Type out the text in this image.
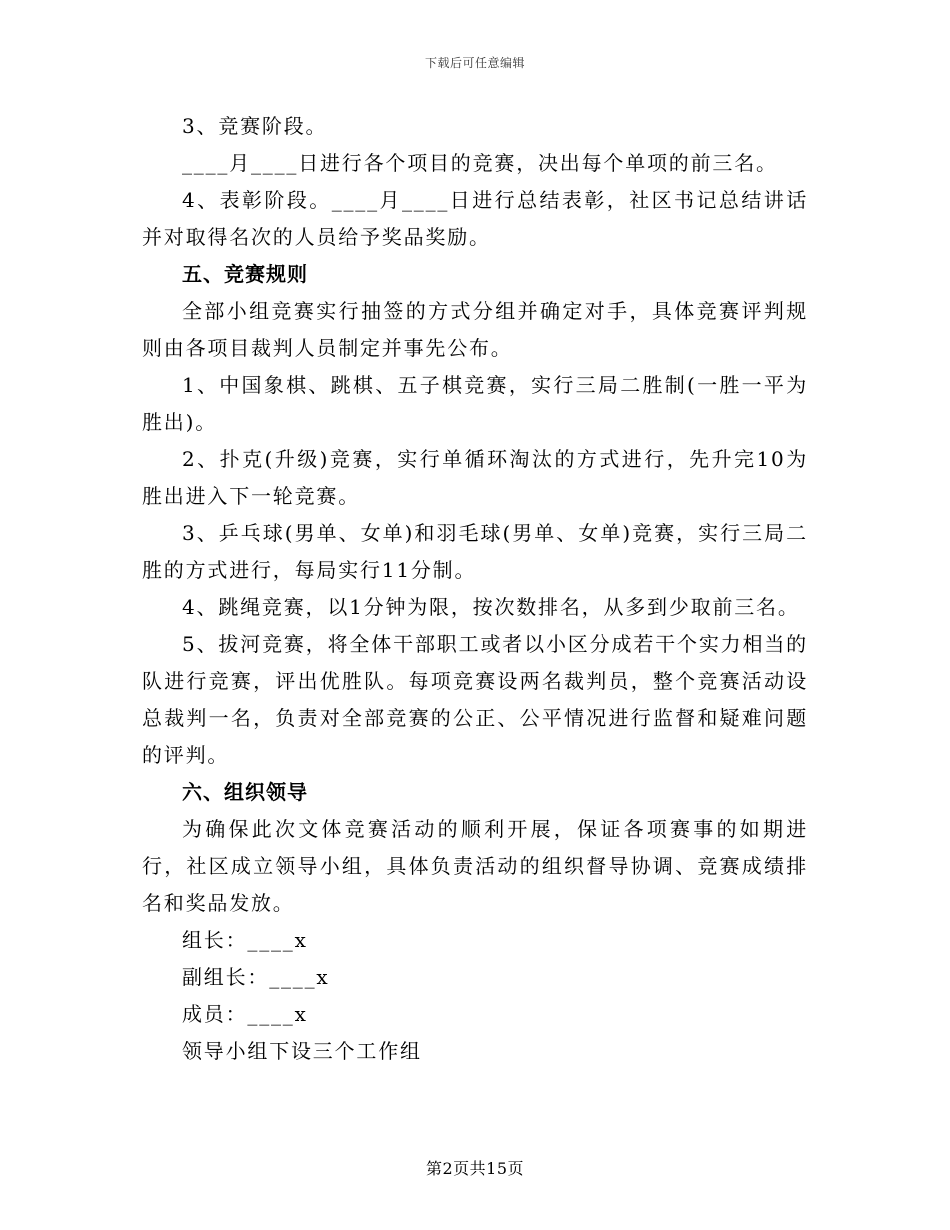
下载后可任意编辑

3、竞赛阶段。

____月____日进行各个项目的竞赛，决出每个单项的前三名。

4、表彰阶段。____月____日进行总结表彰，社区书记总结讲话并对取得名次的人员给予奖品奖励。

五、竞赛规则

全部小组竞赛实行抽签的方式分组并确定对手，具体竞赛评判规则由各项目裁判人员制定并事先公布。

1、中国象棋、跳棋、五子棋竞赛，实行三局二胜制(一胜一平为胜出)。

2、扑克(升级)竞赛，实行单循环淘汰的方式进行，先升完10为胜出进入下一轮竞赛。

3、乒乓球(男单、女单)和羽毛球(男单、女单)竞赛，实行三局二胜的方式进行，每局实行11分制。

4、跳绳竞赛，以1分钟为限，按次数排名，从多到少取前三名。

5、拔河竞赛，将全体干部职工或者以小区分成若干个实力相当的队进行竞赛，评出优胜队。每项竞赛设两名裁判员，整个竞赛活动设总裁判一名，负责对全部竞赛的公正、公平情况进行监督和疑难问题的评判。

六、组织领导

为确保此次文体竞赛活动的顺利开展，保证各项赛事的如期进行，社区成立领导小组，具体负责活动的组织督导协调、竞赛成绩排名和奖品发放。

组长：____x

副组长：____x

成员：____x

领导小组下设三个工作组

第2页共15页
